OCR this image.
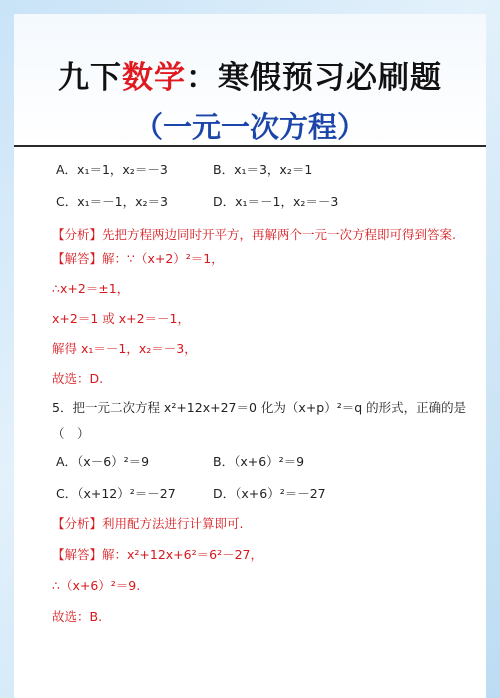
九下数学：寒假预习必刷题
（一元一次方程）
A．x₁＝1，x₂＝－3	B．x₁＝3，x₂＝1
C．x₁＝－1，x₂＝3	D．x₁＝－1，x₂＝－3
【分析】先把方程两边同时开平方，再解两个一元一次方程即可得到答案.
【解答】解：∵（x+2）²＝1，
∴x+2＝±1，
x+2＝1 或 x+2＝－1，
解得 x₁＝－1，x₂＝－3，
故选：D.
5．把一元二次方程 x²+12x+27＝0 化为（x+p）²＝q 的形式，正确的是（　）
A．（x－6）²＝9	B．（x+6）²＝9
C．（x+12）²＝－27	D．（x+6）²＝－27
【分析】利用配方法进行计算即可.
【解答】解：x²+12x+6²＝6²－27，
∴（x+6）²＝9.
故选：B.
